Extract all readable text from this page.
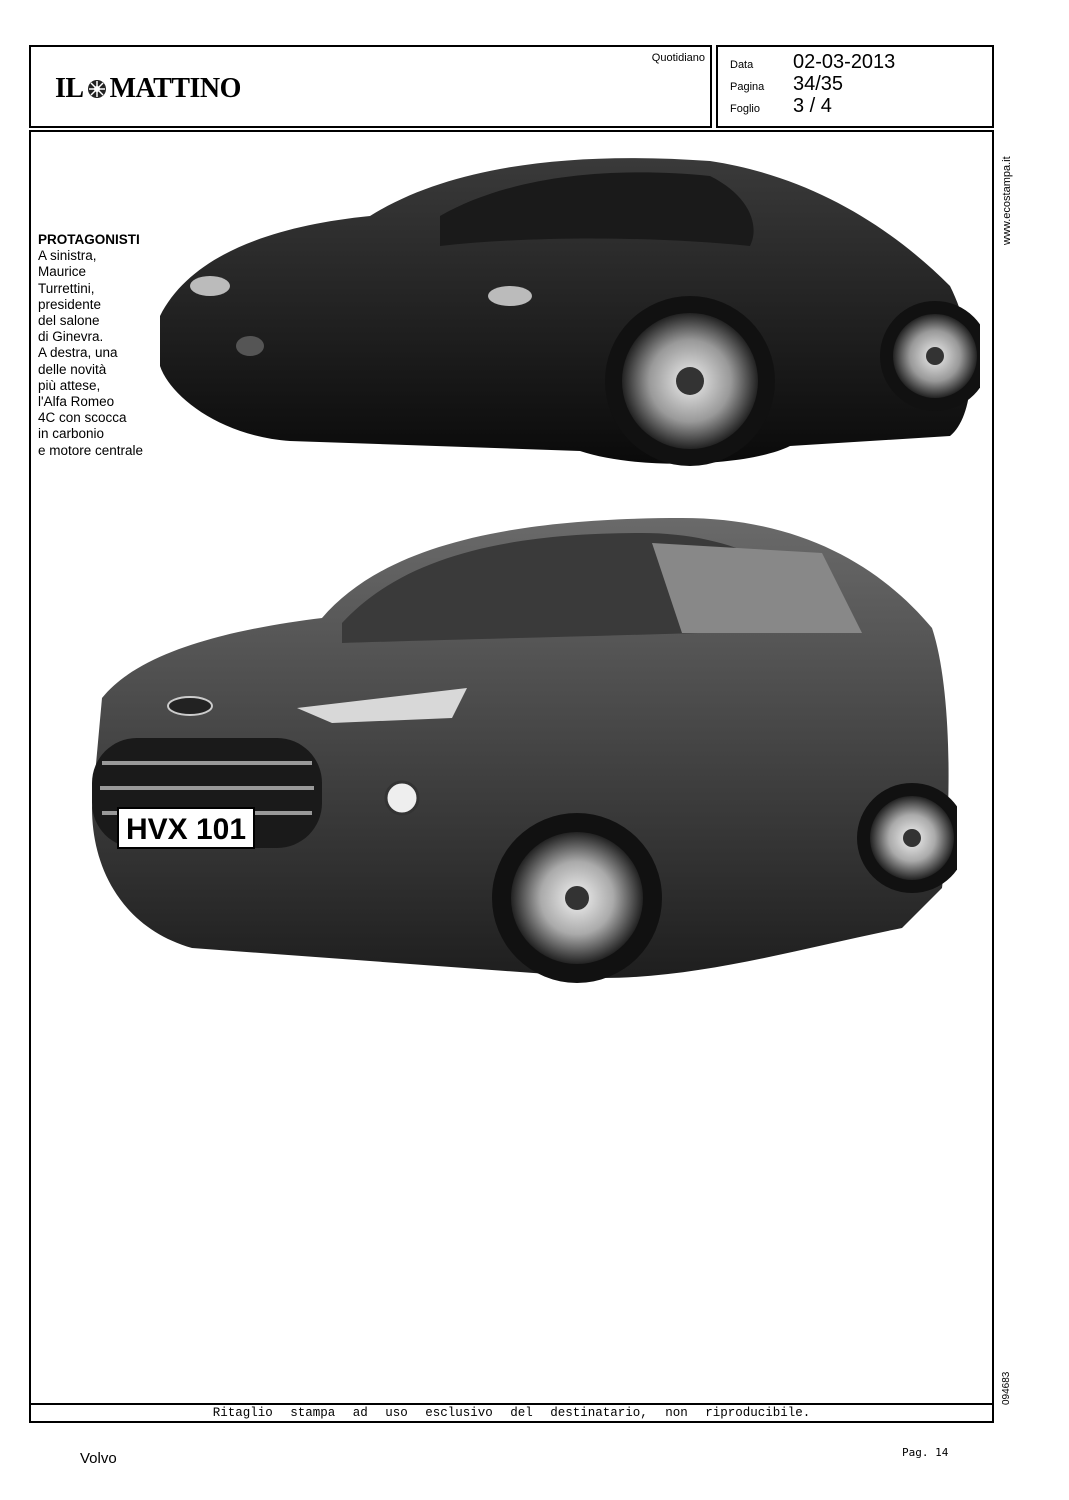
IL MATTINO
Quotidiano
Data	02-03-2013
Pagina	34/35
Foglio	3 / 4
www.ecostampa.it
094683
PROTAGONISTI
A sinistra,
Maurice
Turrettini,
presidente
del salone
di Ginevra.
A destra, una
delle novità
più attese,
l'Alfa Romeo
4C con scocca
in carbonio
e motore centrale
HVX 101
Ritaglio stampa ad uso esclusivo del destinatario, non riproducibile.
Volvo	Pag. 14
